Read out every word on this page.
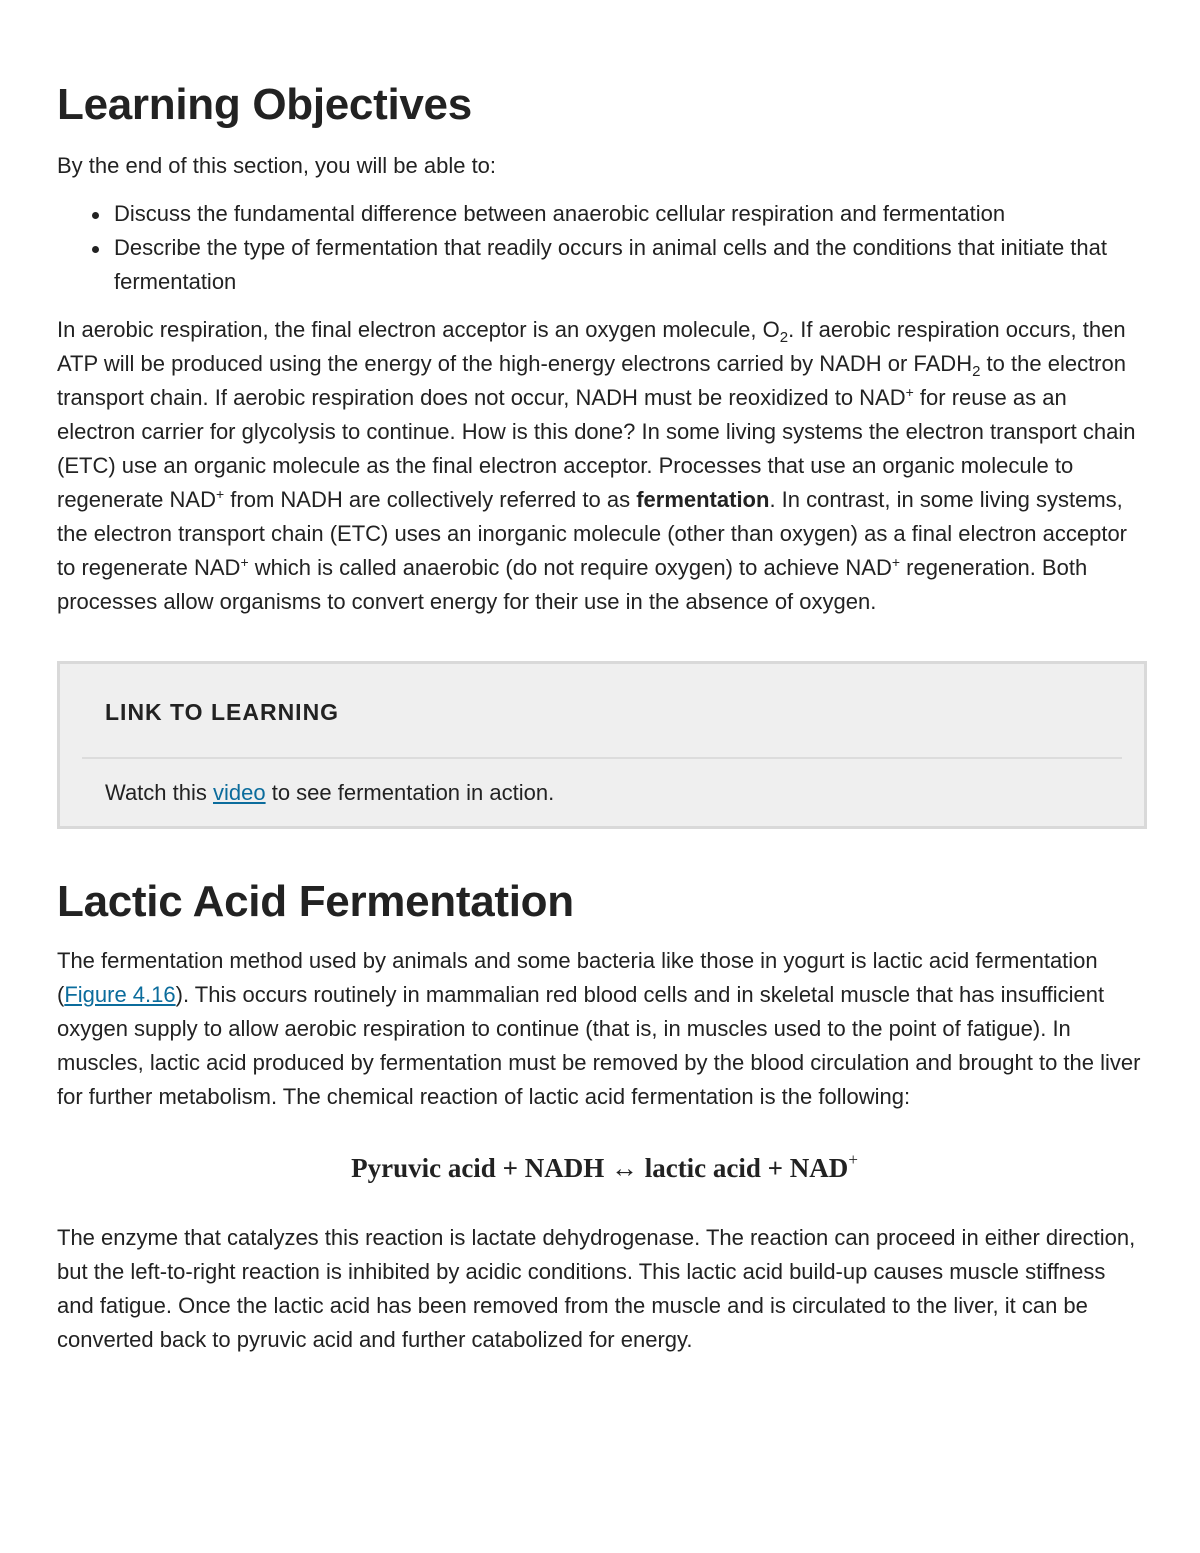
Learning Objectives

By the end of this section, you will be able to:

Discuss the fundamental difference between anaerobic cellular respiration and fermentation
Describe the type of fermentation that readily occurs in animal cells and the conditions that initiate that fermentation

In aerobic respiration, the final electron acceptor is an oxygen molecule, $O_2$. If aerobic respiration occurs, then ATP will be produced using the energy of the high-energy electrons carried by NADH or $FADH_2$ to the electron transport chain. If aerobic respiration does not occur, NADH must be reoxidized to NAD+ for reuse as an electron carrier for glycolysis to continue. How is this done? In some living systems the electron transport chain (ETC) use an organic molecule as the final electron acceptor. Processes that use an organic molecule to regenerate NAD+ from NADH are collectively referred to as fermentation. In contrast, in some living systems, the electron transport chain (ETC) uses an inorganic molecule (other than oxygen) as a final electron acceptor to regenerate NAD+ which is called anaerobic (do not require oxygen) to achieve NAD+ regeneration. Both processes allow organisms to convert energy for their use in the absence of oxygen.

LINK TO LEARNING
Watch this video to see fermentation in action.
Lactic Acid Fermentation

The fermentation method used by animals and some bacteria like those in yogurt is lactic acid fermentation (Figure 4.16). This occurs routinely in mammalian red blood cells and in skeletal muscle that has insufficient oxygen supply to allow aerobic respiration to continue (that is, in muscles used to the point of fatigue). In muscles, lactic acid produced by fermentation must be removed by the blood circulation and brought to the liver for further metabolism. The chemical reaction of lactic acid fermentation is the following:

Pyruvic acid + NADH ↔ lactic acid + NAD+

The enzyme that catalyzes this reaction is lactate dehydrogenase. The reaction can proceed in either direction, but the left-to-right reaction is inhibited by acidic conditions. This lactic acid build-up causes muscle stiffness and fatigue. Once the lactic acid has been removed from the muscle and is circulated to the liver, it can be converted back to pyruvic acid and further catabolized for energy.
